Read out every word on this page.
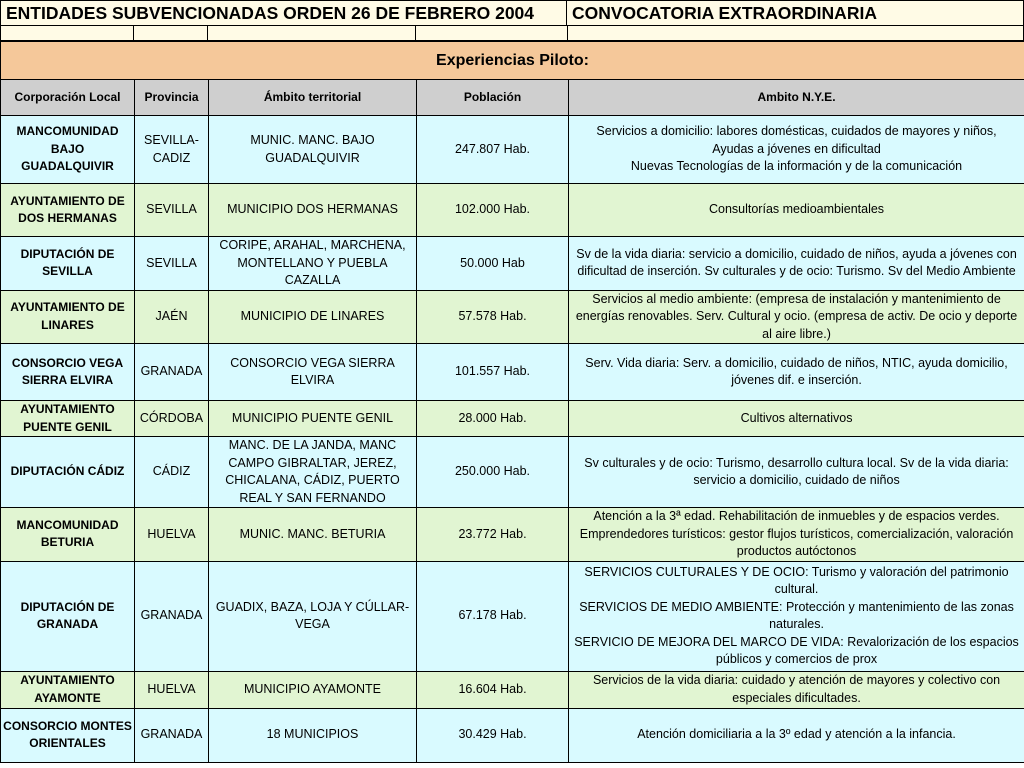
ENTIDADES SUBVENCIONADAS ORDEN 26 DE FEBRERO 2004	CONVOCATORIA EXTRAORDINARIA
Experiencias Piloto:				
Corporación Local	Provincia	Ámbito territorial	Población	Ambito N.Y.E.
MANCOMUNIDAD BAJO GUADALQUIVIR	SEVILLA-CADIZ	MUNIC. MANC. BAJO GUADALQUIVIR	247.807 Hab.	Servicios a domicilio: labores domésticas, cuidados de mayores y niños,
Ayudas a jóvenes en dificultad
Nuevas Tecnologías de la información y de la comunicación

AYUNTAMIENTO DE DOS HERMANAS	SEVILLA	MUNICIPIO DOS HERMANAS	102.000 Hab.	Consultorías medioambientales

DIPUTACIÓN DE SEVILLA	SEVILLA	CORIPE, ARAHAL, MARCHENA, MONTELLANO Y PUEBLA CAZALLA	50.000 Hab	Sv de la vida diaria: servicio a domicilio, cuidado de niños, ayuda a jóvenes con dificultad de inserción. Sv culturales y de ocio: Turismo. Sv del Medio Ambiente

AYUNTAMIENTO DE LINARES	JAÉN	MUNICIPIO DE LINARES	57.578 Hab.	Servicios al medio ambiente: (empresa de instalación y mantenimiento de energías renovables. Serv. Cultural y ocio. (empresa de activ. De ocio y deporte al aire libre.)

CONSORCIO VEGA SIERRA ELVIRA	GRANADA	CONSORCIO VEGA SIERRA ELVIRA	101.557 Hab.	Serv. Vida diaria: Serv. a domicilio, cuidado de niños, NTIC, ayuda domicilio, jóvenes dif. e inserción.

AYUNTAMIENTO PUENTE GENIL	CÓRDOBA	MUNICIPIO PUENTE GENIL	28.000 Hab.	Cultivos alternativos

DIPUTACIÓN CÁDIZ	CÁDIZ	MANC. DE LA JANDA, MANC CAMPO GIBRALTAR, JEREZ, CHICALANA, CÁDIZ, PUERTO REAL Y SAN FERNANDO	250.000 Hab.	Sv culturales y de ocio: Turismo, desarrollo cultura local. Sv de la vida diaria: servicio a domicilio, cuidado de niños

MANCOMUNIDAD BETURIA	HUELVA	MUNIC. MANC. BETURIA	23.772 Hab.	Atención a la 3ª edad. Rehabilitación de inmuebles y de espacios verdes. Emprendedores turísticos: gestor flujos turísticos, comercialización, valoración productos autóctonos

DIPUTACIÓN DE GRANADA	GRANADA	GUADIX, BAZA, LOJA Y CÚLLAR-VEGA	67.178 Hab.	SERVICIOS CULTURALES Y DE OCIO: Turismo y valoración del patrimonio cultural.
SERVICIOS DE MEDIO AMBIENTE: Protección y mantenimiento de las zonas naturales.
SERVICIO DE MEJORA DEL MARCO DE VIDA: Revalorización de los espacios públicos y comercios de prox

AYUNTAMIENTO AYAMONTE	HUELVA	MUNICIPIO AYAMONTE	16.604 Hab.	Servicios de la vida diaria: cuidado y atención de mayores y colectivo con especiales dificultades.

CONSORCIO MONTES ORIENTALES	GRANADA	18 MUNICIPIOS	30.429 Hab.	Atención domiciliaria a la 3º edad y atención a la infancia.
